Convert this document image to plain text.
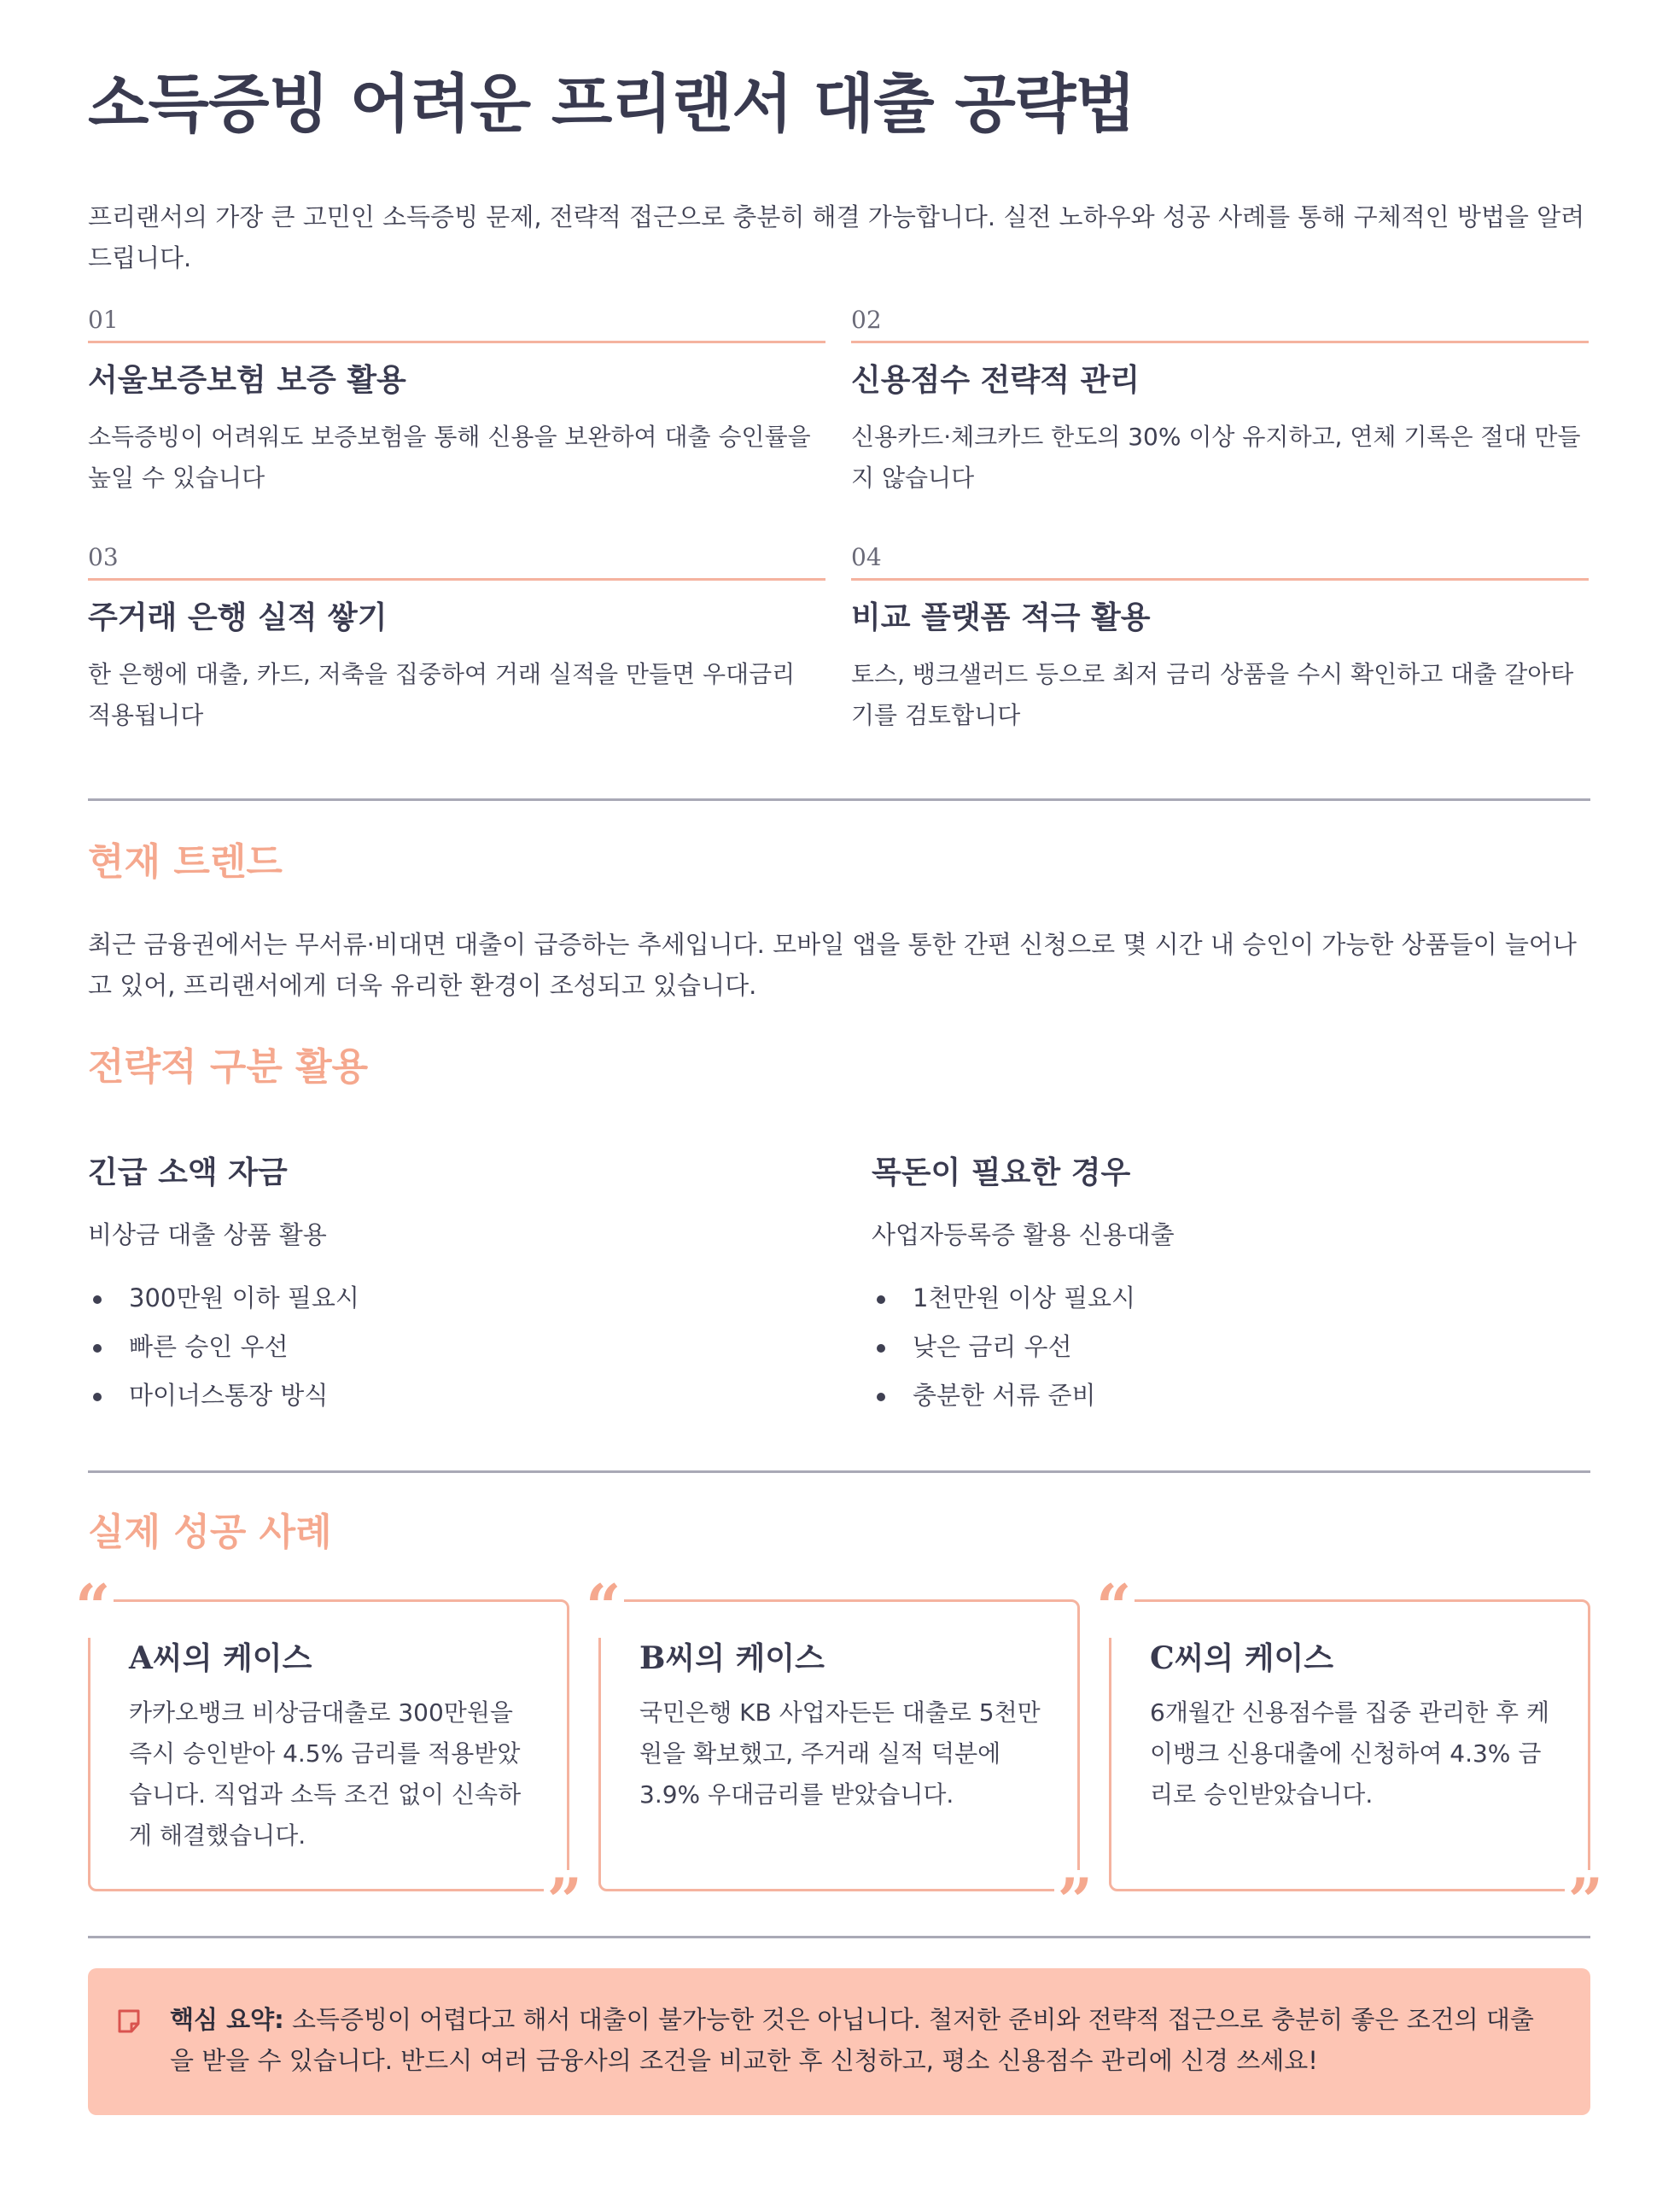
소득증빙 어려운 프리랜서 대출 공략법
프리랜서의 가장 큰 고민인 소득증빙 문제, 전략적 접근으로 충분히 해결 가능합니다. 실전 노하우와 성공 사례를 통해 구체적인 방법을 알려드립니다.
01
서울보증보험 보증 활용

소득증빙이 어려워도 보증보험을 통해 신용을 보완하여 대출 승인률을 높일 수 있습니다

02
신용점수 전략적 관리

신용카드·체크카드 한도의 30% 이상 유지하고, 연체 기록은 절대 만들지 않습니다

03
주거래 은행 실적 쌓기

한 은행에 대출, 카드, 저축을 집중하여 거래 실적을 만들면 우대금리 적용됩니다

04
비교 플랫폼 적극 활용

토스, 뱅크샐러드 등으로 최저 금리 상품을 수시 확인하고 대출 갈아타기를 검토합니다

현재 트렌드
최근 금융권에서는 무서류·비대면 대출이 급증하는 추세입니다. 모바일 앱을 통한 간편 신청으로 몇 시간 내 승인이 가능한 상품들이 늘어나고 있어, 프리랜서에게 더욱 유리한 환경이 조성되고 있습니다.
전략적 구분 활용
긴급 소액 자금
비상금 대출 상품 활용
300만원 이하 필요시
빠른 승인 우선
마이너스통장 방식
목돈이 필요한 경우
사업자등록증 활용 신용대출
1천만원 이상 필요시
낮은 금리 우선
충분한 서류 준비
실제 성공 사례
“
A씨의 케이스

카카오뱅크 비상금대출로 300만원을 즉시 승인받아 4.5% 금리를 적용받았습니다. 직업과 소득 조건 없이 신속하게 해결했습니다.

”
“
B씨의 케이스

국민은행 KB 사업자든든 대출로 5천만원을 확보했고, 주거래 실적 덕분에 3.9% 우대금리를 받았습니다.

”
“
C씨의 케이스

6개월간 신용점수를 집중 관리한 후 케이뱅크 신용대출에 신청하여 4.3% 금리로 승인받았습니다.

”
핵심 요약: 소득증빙이 어렵다고 해서 대출이 불가능한 것은 아닙니다. 철저한 준비와 전략적 접근으로 충분히 좋은 조건의 대출을 받을 수 있습니다. 반드시 여러 금융사의 조건을 비교한 후 신청하고, 평소 신용점수 관리에 신경 쓰세요!
